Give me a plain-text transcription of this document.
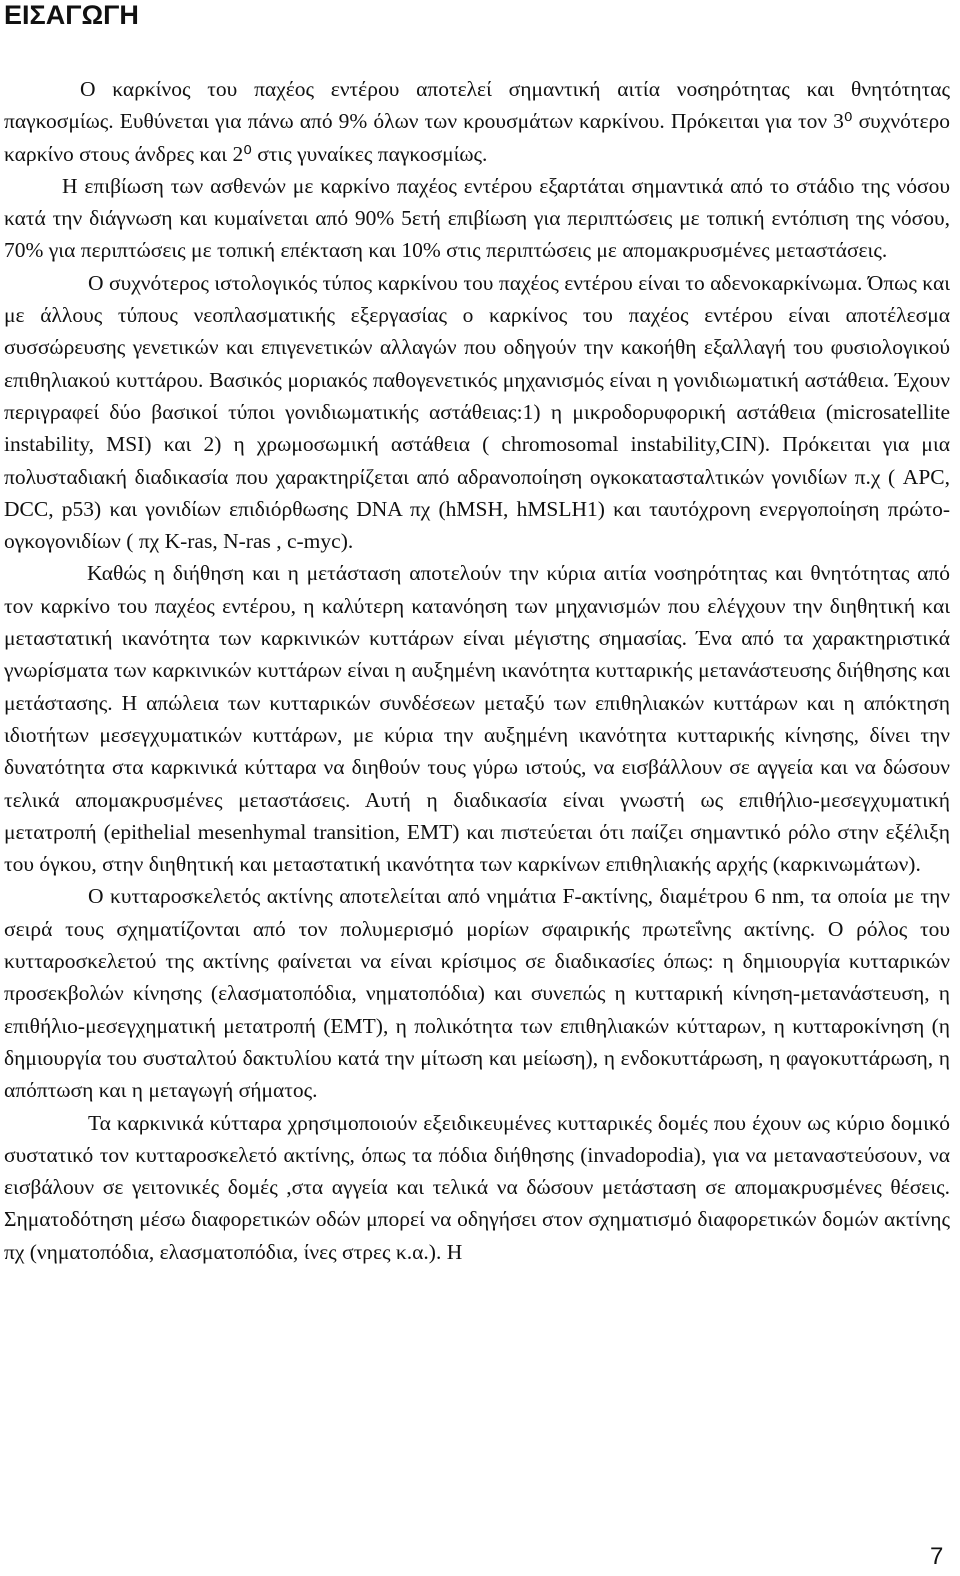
ΕΙΣΑΓΩΓΗ

Ο καρκίνος του παχέος εντέρου αποτελεί σημαντική αιτία νοσηρότητας και θνητότητας παγκοσμίως. Ευθύνεται για πάνω από 9% όλων των κρουσμάτων καρκίνου. Πρόκειται για τον 3⁰ συχνότερο καρκίνο στους άνδρες και 2⁰ στις γυναίκες παγκοσμίως.

Η επιβίωση των ασθενών με καρκίνο παχέος εντέρου εξαρτάται σημαντικά από το στάδιο της νόσου κατά την διάγνωση και κυμαίνεται από 90% 5ετή επιβίωση για περιπτώσεις με τοπική εντόπιση της νόσου, 70% για περιπτώσεις με τοπική επέκταση και 10% στις περιπτώσεις με απομακρυσμένες μεταστάσεις.

Ο συχνότερος ιστολογικός τύπος καρκίνου του παχέος εντέρου είναι το αδενοκαρκίνωμα. Όπως και με άλλους τύπους νεοπλασματικής εξεργασίας ο καρκίνος του παχέος εντέρου είναι αποτέλεσμα συσσώρευσης γενετικών και επιγενετικών αλλαγών που οδηγούν την κακοήθη εξαλλαγή του φυσιολογικού επιθηλιακού κυττάρου. Βασικός μοριακός παθογενετικός μηχανισμός είναι η γονιδιωματική αστάθεια. Έχουν περιγραφεί δύο βασικοί τύποι γονιδιωματικής αστάθειας:1) η μικροδορυφορική αστάθεια (microsatellite instability, MSI) και 2) η χρωμοσωμική αστάθεια ( chromosomal instability,CIN). Πρόκειται για μια πολυσταδιακή διαδικασία που χαρακτηρίζεται από αδρανοποίηση ογκοκατασταλτικών γονιδίων π.χ ( APC, DCC, p53) και γονιδίων επιδιόρθωσης DNA πχ (hMSH, hMSLH1) και ταυτόχρονη ενεργοποίηση πρώτο- ογκογονιδίων ( πχ K-ras, N-ras , c-myc).

Καθώς η διήθηση και η μετάσταση αποτελούν την κύρια αιτία νοσηρότητας και θνητότητας από τον καρκίνο του παχέος εντέρου, η καλύτερη κατανόηση των μηχανισμών που ελέγχουν την διηθητική και μεταστατική ικανότητα των καρκινικών κυττάρων είναι μέγιστης σημασίας. Ένα από τα χαρακτηριστικά γνωρίσματα των καρκινικών κυττάρων είναι η αυξημένη ικανότητα κυτταρικής μετανάστευσης διήθησης και μετάστασης. Η απώλεια των κυτταρικών συνδέσεων μεταξύ των επιθηλιακών κυττάρων και η απόκτηση ιδιοτήτων μεσεγχυματικών κυττάρων, με κύρια την αυξημένη ικανότητα κυτταρικής κίνησης, δίνει την δυνατότητα στα καρκινικά κύτταρα να διηθούν τους γύρω ιστούς, να εισβάλλουν σε αγγεία και να δώσουν τελικά απομακρυσμένες μεταστάσεις. Αυτή η διαδικασία είναι γνωστή ως επιθήλιο-μεσεγχυματική μετατροπή (epithelial mesenhymal transition, EMT) και πιστεύεται ότι παίζει σημαντικό ρόλο στην εξέλιξη του όγκου, στην διηθητική και μεταστατική ικανότητα των καρκίνων επιθηλιακής αρχής (καρκινωμάτων).

Ο κυτταροσκελετός ακτίνης αποτελείται από νημάτια F-ακτίνης, διαμέτρου 6 nm, τα οποία με την σειρά τους σχηματίζονται από τον πολυμερισμό μορίων σφαιρικής πρωτεΐνης ακτίνης. Ο ρόλος του κυτταροσκελετού της ακτίνης φαίνεται να είναι κρίσιμος σε διαδικασίες όπως: η δημιουργία κυτταρικών προσεκβολών κίνησης (ελασματοπόδια, νηματοπόδια) και συνεπώς η κυτταρική κίνηση-μετανάστευση, η επιθήλιο-μεσεγχηματική μετατροπή (ΕΜΤ), η πολικότητα των επιθηλιακών κύτταρων, η κυτταροκίνηση (η δημιουργία του συσταλτού δακτυλίου κατά την μίτωση και μείωση), η ενδοκυττάρωση, η φαγοκυττάρωση, η απόπτωση και η μεταγωγή σήματος.

Τα καρκινικά κύτταρα χρησιμοποιούν εξειδικευμένες κυτταρικές δομές που έχουν ως κύριο δομικό συστατικό τον κυτταροσκελετό ακτίνης, όπως τα πόδια διήθησης (invadopodia), για να μεταναστεύσουν, να εισβάλουν σε γειτονικές δομές ,στα αγγεία και τελικά να δώσουν μετάσταση σε απομακρυσμένες θέσεις. Σηματοδότηση μέσω διαφορετικών οδών μπορεί να οδηγήσει στον σχηματισμό διαφορετικών δομών ακτίνης πχ (νηματοπόδια, ελασματοπόδια, ίνες στρες κ.α.). Η

7
